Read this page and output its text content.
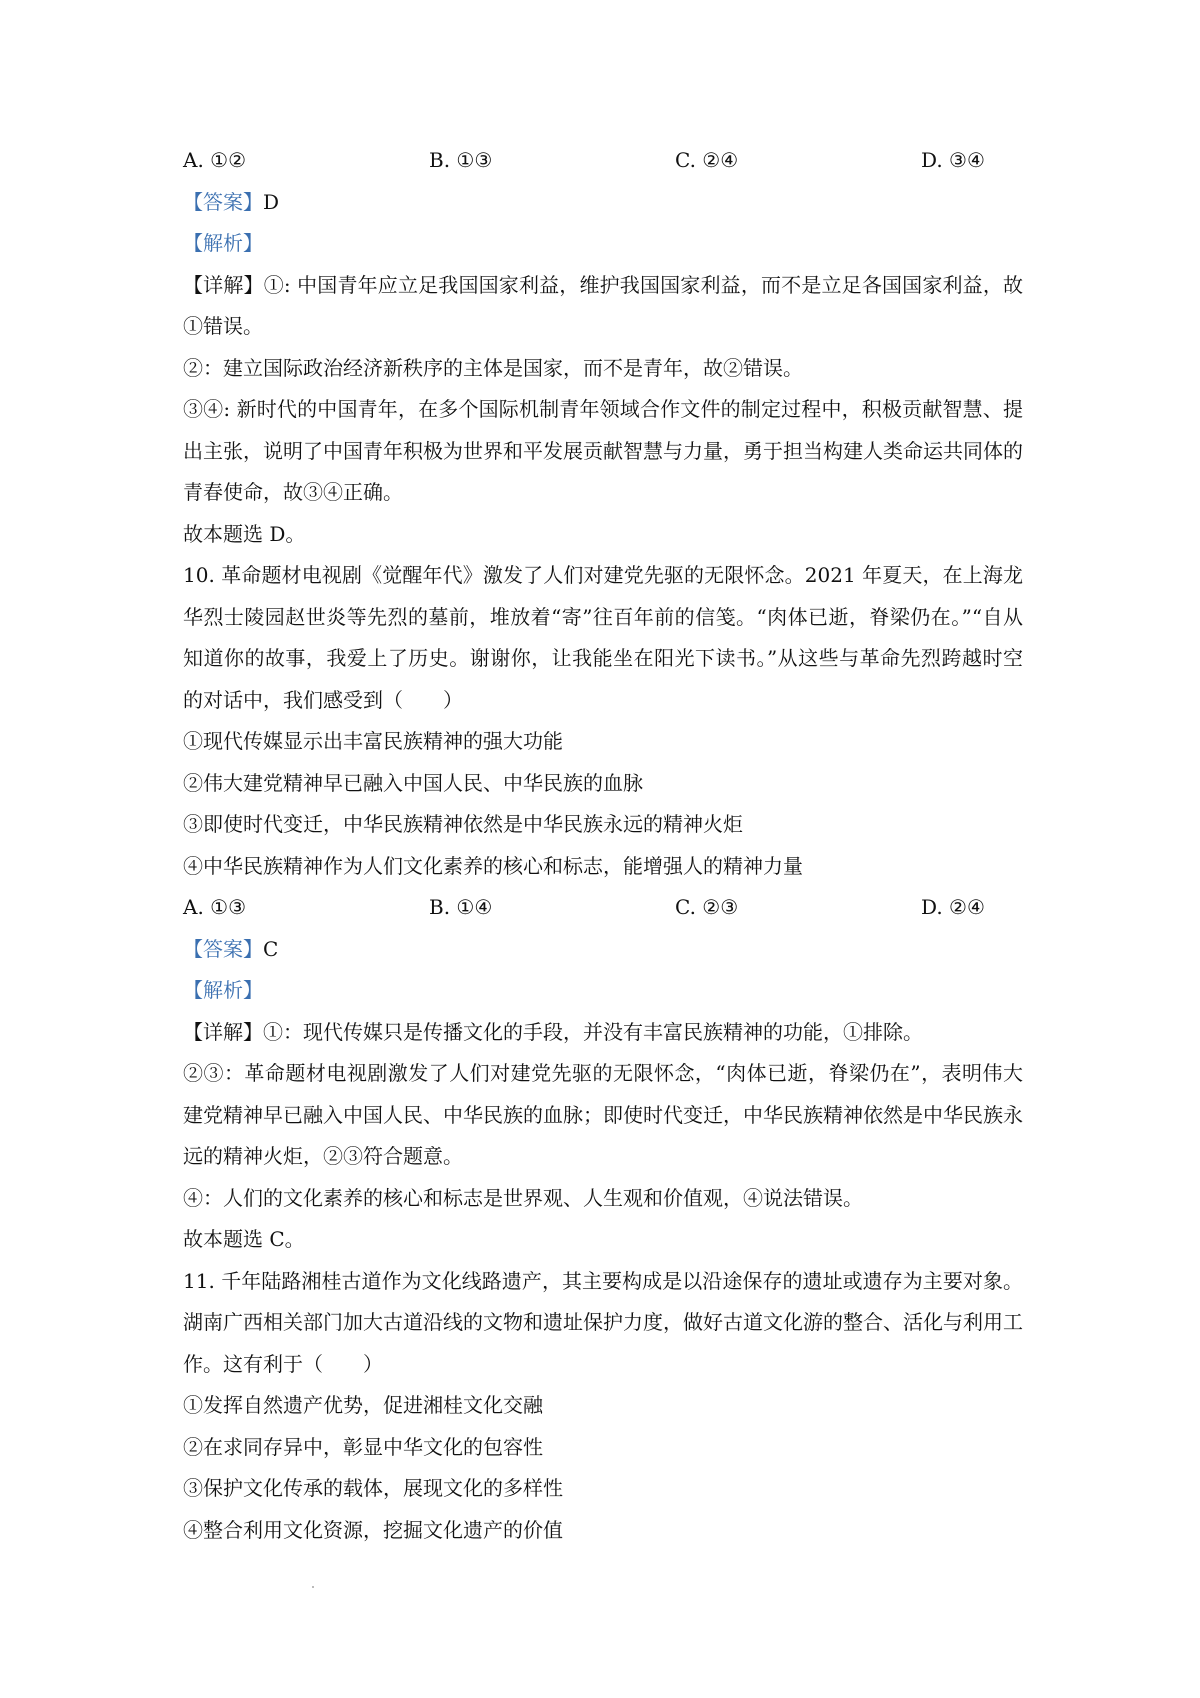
A. ①②	B. ①③	C. ②④	D. ③④
【答案】D
【解析】
【详解】①: 中国青年应立足我国国家利益，维护我国国家利益，而不是立足各国国家利益，故①错误。
②：建立国际政治经济新秩序的主体是国家，而不是青年，故②错误。
③④: 新时代的中国青年，在多个国际机制青年领域合作文件的制定过程中，积极贡献智慧、提出主张，说明了中国青年积极为世界和平发展贡献智慧与力量，勇于担当构建人类命运共同体的青春使命，故③④正确。
故本题选 D。
10. 革命题材电视剧《觉醒年代》激发了人们对建党先驱的无限怀念。2021 年夏天，在上海龙华烈士陵园赵世炎等先烈的墓前，堆放着“寄”往百年前的信笺。“肉体已逝，脊梁仍在。”“自从知道你的故事，我爱上了历史。谢谢你，让我能坐在阳光下读书。”从这些与革命先烈跨越时空的对话中，我们感受到（　　）
①现代传媒显示出丰富民族精神的强大功能
②伟大建党精神早已融入中国人民、中华民族的血脉
③即使时代变迁，中华民族精神依然是中华民族永远的精神火炬
④中华民族精神作为人们文化素养的核心和标志，能增强人的精神力量
A. ①③	B. ①④	C. ②③	D. ②④
【答案】C
【解析】
【详解】①：现代传媒只是传播文化的手段，并没有丰富民族精神的功能，①排除。
②③：革命题材电视剧激发了人们对建党先驱的无限怀念，“肉体已逝，脊梁仍在”，表明伟大建党精神早已融入中国人民、中华民族的血脉；即使时代变迁，中华民族精神依然是中华民族永远的精神火炬，②③符合题意。
④：人们的文化素养的核心和标志是世界观、人生观和价值观，④说法错误。
故本题选 C。
11. 千年陆路湘桂古道作为文化线路遗产，其主要构成是以沿途保存的遗址或遗存为主要对象。湖南广西相关部门加大古道沿线的文物和遗址保护力度，做好古道文化游的整合、活化与利用工作。这有利于（　　）
①发挥自然遗产优势，促进湘桂文化交融
②在求同存异中，彰显中华文化的包容性
③保护文化传承的载体，展现文化的多样性
④整合利用文化资源，挖掘文化遗产的价值
